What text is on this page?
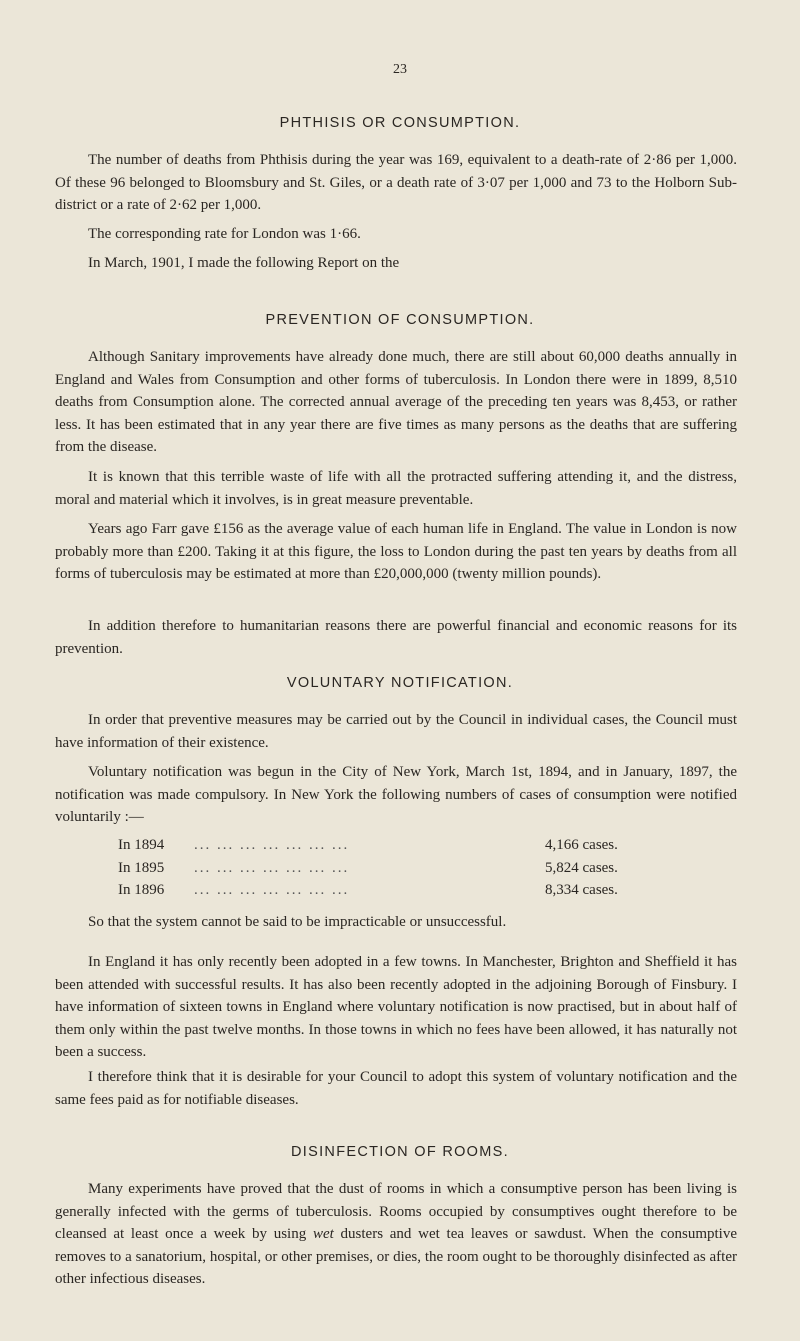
23
PHTHISIS OR CONSUMPTION.

The number of deaths from Phthisis during the year was 169, equivalent to a death-rate of 2·86 per 1,000. Of these 96 belonged to Bloomsbury and St. Giles, or a death rate of 3·07 per 1,000 and 73 to the Holborn Sub-district or a rate of 2·62 per 1,000.

The corresponding rate for London was 1·66.

In March, 1901, I made the following Report on the

PREVENTION OF CONSUMPTION.

Although Sanitary improvements have already done much, there are still about 60,000 deaths annually in England and Wales from Consumption and other forms of tuberculosis. In London there were in 1899, 8,510 deaths from Consumption alone. The corrected annual average of the preceding ten years was 8,453, or rather less. It has been estimated that in any year there are five times as many persons as the deaths that are suffering from the disease.

It is known that this terrible waste of life with all the protracted suffering attending it, and the distress, moral and material which it involves, is in great measure preventable.

Years ago Farr gave £156 as the average value of each human life in England. The value in London is now probably more than £200. Taking it at this figure, the loss to London during the past ten years by deaths from all forms of tuberculosis may be estimated at more than £20,000,000 (twenty million pounds).

In addition therefore to humanitarian reasons there are powerful financial and economic reasons for its prevention.

VOLUNTARY NOTIFICATION.

In order that preventive measures may be carried out by the Council in individual cases, the Council must have information of their existence.

Voluntary notification was begun in the City of New York, March 1st, 1894, and in January, 1897, the notification was made compulsory. In New York the following numbers of cases of consumption were notified voluntarily :—

In 1894	... ... ... ... ... ... ...	4,166 cases.
In 1895	... ... ... ... ... ... ...	5,824 cases.
In 1896	... ... ... ... ... ... ...	8,334 cases.

So that the system cannot be said to be impracticable or unsuccessful.

In England it has only recently been adopted in a few towns. In Manchester, Brighton and Sheffield it has been attended with successful results. It has also been recently adopted in the adjoining Borough of Finsbury. I have information of sixteen towns in England where voluntary notification is now practised, but in about half of them only within the past twelve months. In those towns in which no fees have been allowed, it has naturally not been a success.

I therefore think that it is desirable for your Council to adopt this system of voluntary notification and the same fees paid as for notifiable diseases.

DISINFECTION OF ROOMS.

Many experiments have proved that the dust of rooms in which a consumptive person has been living is generally infected with the germs of tuberculosis. Rooms occupied by consumptives ought therefore to be cleansed at least once a week by using wet dusters and wet tea leaves or sawdust. When the consumptive removes to a sanatorium, hospital, or other premises, or dies, the room ought to be thoroughly disinfected as after other infectious diseases.
